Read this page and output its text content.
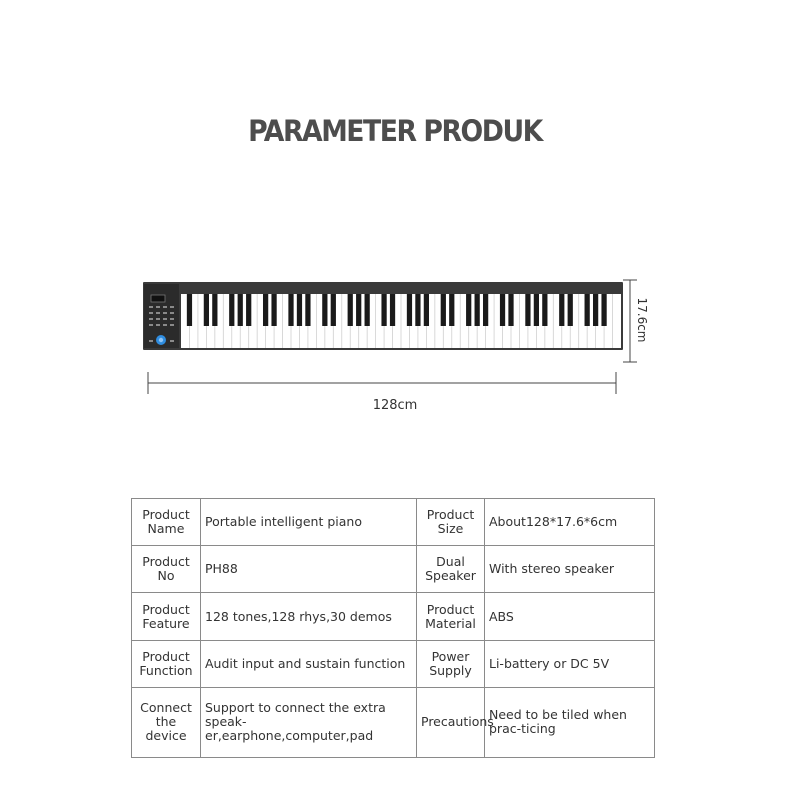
PARAMETER PRODUK
17.6cm
128cm
Product Name	Portable intelligent piano	Product Size	About128*17.6*6cm
Product No	PH88	Dual Speaker	With stereo speaker
Product Feature	128 tones,128 rhys,30 demos	Product Material	ABS
Product Function	Audit input and sustain function	Power Supply	Li-battery or DC 5V
Connect the device	Support to connect the extra speak-er,earphone,computer,pad	Precautions	Need to be tiled when prac-ticing
